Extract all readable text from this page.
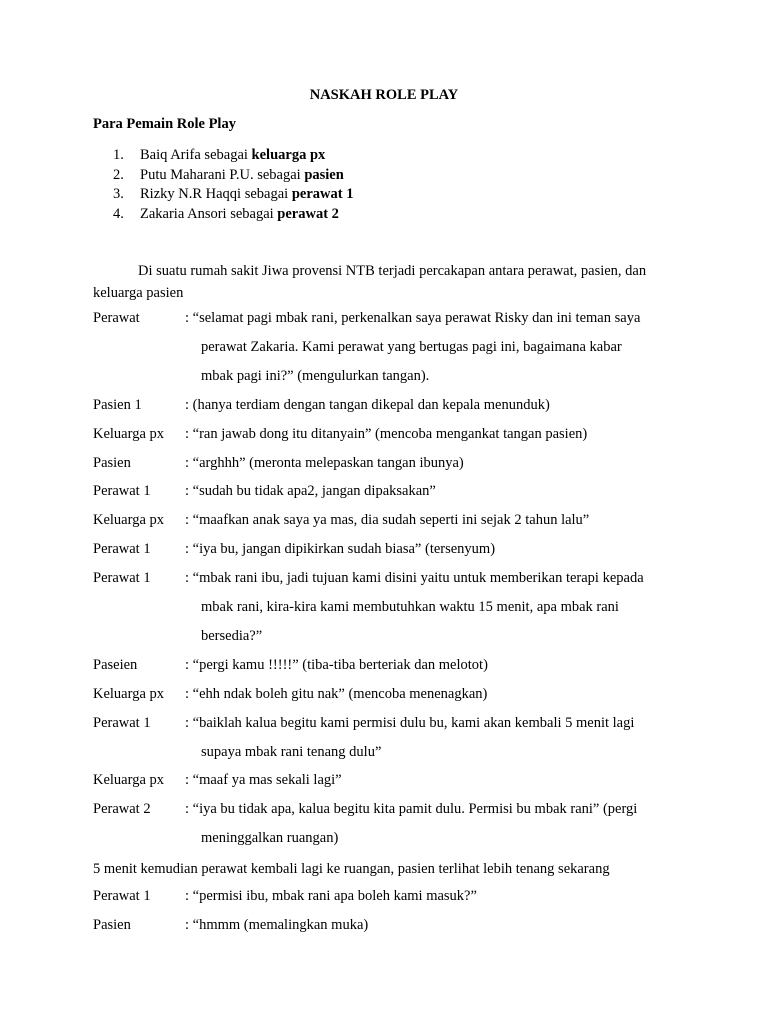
NASKAH ROLE PLAY
Para Pemain Role Play
1. Baiq Arifa sebagai keluarga px
2. Putu Maharani P.U. sebagai pasien
3. Rizky N.R Haqqi sebagai perawat 1
4. Zakaria Ansori sebagai perawat 2
Di suatu rumah sakit Jiwa provensi NTB terjadi percakapan antara perawat, pasien, dan
keluarga pasien
Perawat	: “selamat pagi mbak rani, perkenalkan saya perawat Risky dan ini teman saya
perawat Zakaria. Kami perawat yang bertugas pagi ini, bagaimana kabar
mbak pagi ini?” (mengulurkan tangan).
Pasien 1	: (hanya terdiam dengan tangan dikepal dan kepala menunduk)
Keluarga px : “ran jawab dong itu ditanyain” (mencoba mengankat tangan pasien)
Pasien	: “arghhh” (meronta melepaskan tangan ibunya)
Perawat 1 : “sudah bu tidak apa2, jangan dipaksakan”
Keluarga px : “maafkan anak saya ya mas, dia sudah seperti ini sejak 2 tahun lalu”
Perawat 1 : “iya bu, jangan dipikirkan sudah biasa” (tersenyum)
Perawat 1 : “mbak rani ibu, jadi tujuan kami disini yaitu untuk memberikan terapi kepada
mbak rani, kira-kira kami membutuhkan waktu 15 menit, apa mbak rani
bersedia?”
Paseien	: “pergi kamu !!!!!” (tiba-tiba berteriak dan melotot)
Keluarga px : “ehh ndak boleh gitu nak” (mencoba menenagkan)
Perawat 1 : “baiklah kalua begitu kami permisi dulu bu, kami akan kembali 5 menit lagi
supaya mbak rani tenang dulu”
Keluarga px : “maaf ya mas sekali lagi”
Perawat 2 : “iya bu tidak apa, kalua begitu kita pamit dulu. Permisi bu mbak rani” (pergi
meninggalkan ruangan)
5 menit kemudian perawat kembali lagi ke ruangan, pasien terlihat lebih tenang sekarang
Perawat 1 : “permisi ibu, mbak rani apa boleh kami masuk?”
Pasien	: “hmmm (memalingkan muka)
